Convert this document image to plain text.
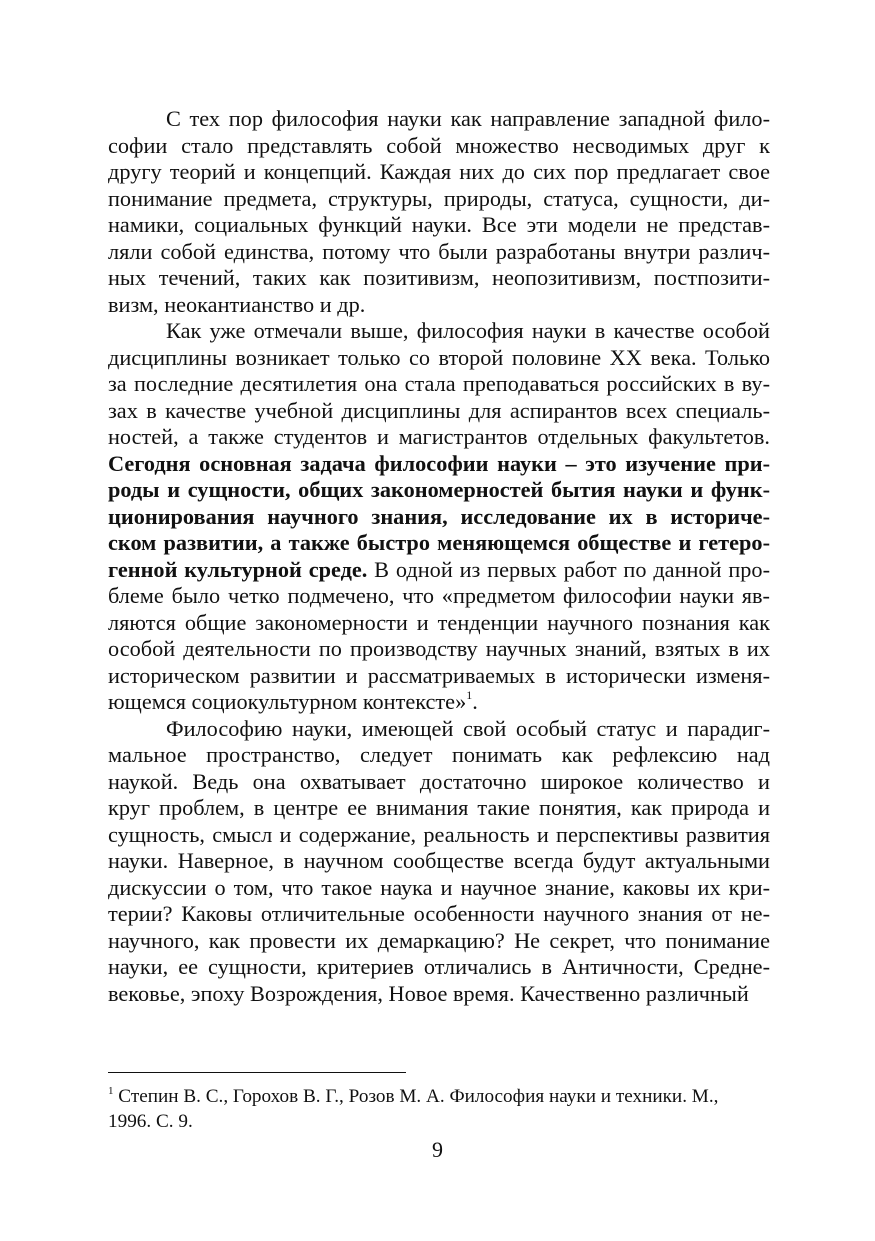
С тех пор философия науки как направление западной фило-
софии стало представлять собой множество несводимых друг к
другу теорий и концепций. Каждая них до сих пор предлагает свое
понимание предмета, структуры, природы, статуса, сущности, ди-
намики, социальных функций науки. Все эти модели не представ-
ляли собой единства, потому что были разработаны внутри различ-
ных течений, таких как позитивизм, неопозитивизм, постпозити-
визм, неокантианство и др.
Как уже отмечали выше, философия науки в качестве особой
дисциплины возникает только со второй половине XX века. Только
за последние десятилетия она стала преподаваться российских в ву-
зах в качестве учебной дисциплины для аспирантов всех специаль-
ностей, а также студентов и магистрантов отдельных факультетов.
Сегодня основная задача философии науки – это изучение при-
роды и сущности, общих закономерностей бытия науки и функ-
ционирования научного знания, исследование их в историче-
ском развитии, а также быстро меняющемся обществе и гетеро-
генной культурной среде. В одной из первых работ по данной про-
блеме было четко подмечено, что «предметом философии науки яв-
ляются общие закономерности и тенденции научного познания как
особой деятельности по производству научных знаний, взятых в их
историческом развитии и рассматриваемых в исторически изменя-
ющемся социокультурном контексте»$^1$.
Философию науки, имеющей свой особый статус и парадиг-
мальное пространство, следует понимать как рефлексию над
наукой. Ведь она охватывает достаточно широкое количество и
круг проблем, в центре ее внимания такие понятия, как природа и
сущность, смысл и содержание, реальность и перспективы развития
науки. Наверное, в научном сообществе всегда будут актуальными
дискуссии о том, что такое наука и научное знание, каковы их кри-
терии? Каковы отличительные особенности научного знания от не-
научного, как провести их демаркацию? Не секрет, что понимание
науки, ее сущности, критериев отличались в Античности, Средне-
вековье, эпоху Возрождения, Новое время. Качественно различный
$^1$ Степин В. С., Горохов В. Г., Розов М. А. Философия науки и техники. М.,
1996. С. 9.
9
